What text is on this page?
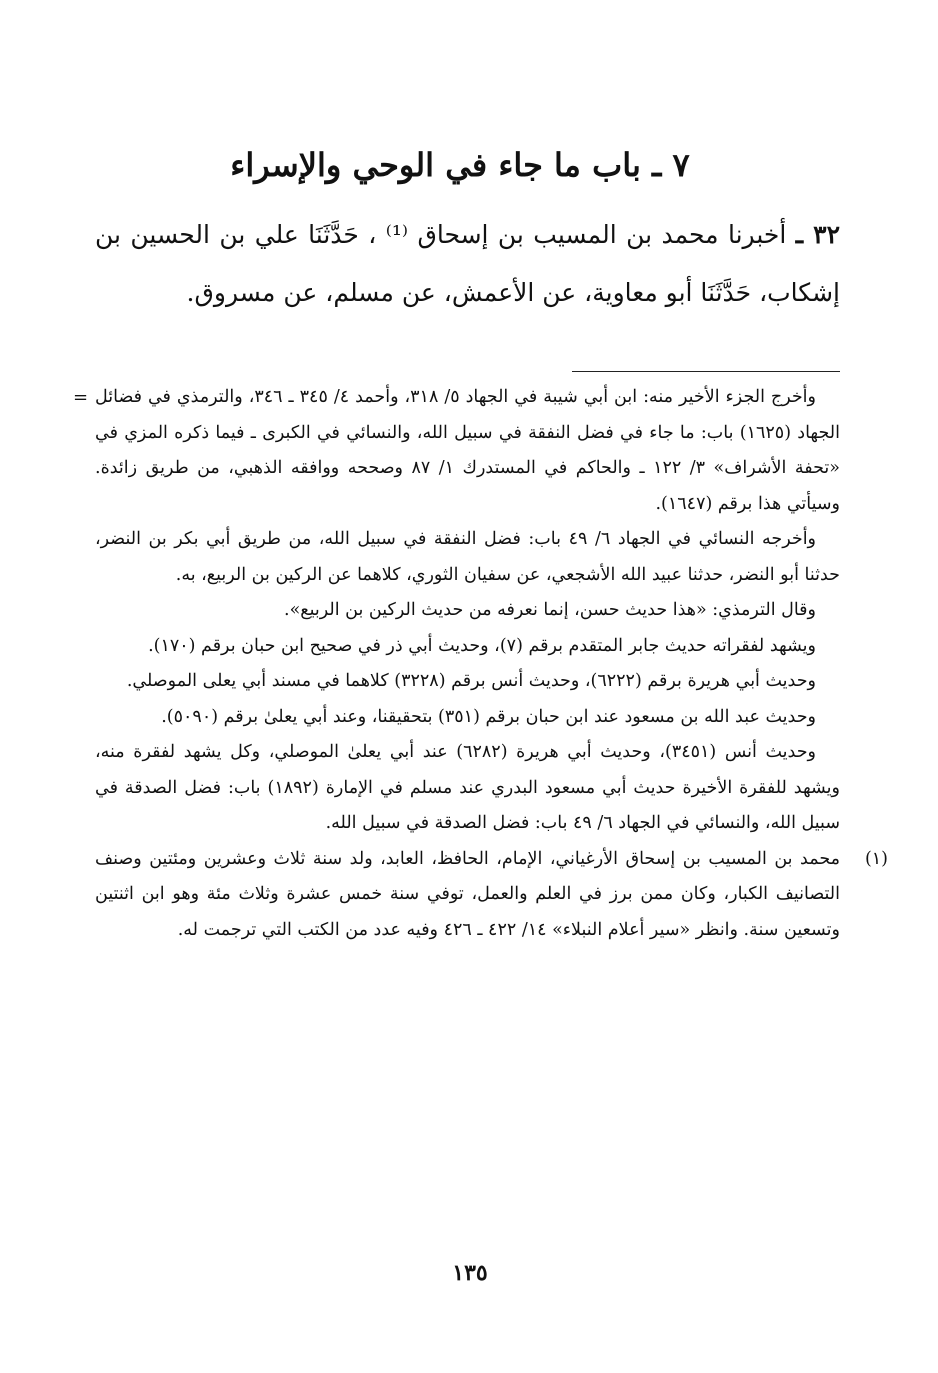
٧ ـ باب ما جاء في الوحي والإسراء
٣٢ ـ أخبرنا محمد بن المسيب بن إسحاق ⁽¹⁾ ، حَدَّثَنَا علي بن الحسين بن إشكاب، حَدَّثَنَا أبو معاوية، عن الأعمش، عن مسلم، عن مسروق.
= وأخرج الجزء الأخير منه: ابن أبي شيبة في الجهاد ٥/ ٣١٨، وأحمد ٤/ ٣٤٥ ـ ٣٤٦، والترمذي في فضائل الجهاد (١٦٢٥) باب: ما جاء في فضل النفقة في سبيل الله، والنسائي في الكبرى ـ فيما ذكره المزي في «تحفة الأشراف» ٣/ ١٢٢ ـ والحاكم في المستدرك ١/ ٨٧ وصححه ووافقه الذهبي، من طريق زائدة. وسيأتي هذا برقم (١٦٤٧).

وأخرجه النسائي في الجهاد ٦/ ٤٩ باب: فضل النفقة في سبيل الله، من طريق أبي بكر بن النضر، حدثنا أبو النضر، حدثنا عبيد الله الأشجعي، عن سفيان الثوري، كلاهما عن الركين بن الربيع، به.

وقال الترمذي: «هذا حديث حسن، إنما نعرفه من حديث الركين بن الربيع».

ويشهد لفقراته حديث جابر المتقدم برقم (٧)، وحديث أبي ذر في صحيح ابن حبان برقم (١٧٠).

وحديث أبي هريرة برقم (٦٢٢٢)، وحديث أنس برقم (٣٢٢٨) كلاهما في مسند أبي يعلى الموصلي.

وحديث عبد الله بن مسعود عند ابن حبان برقم (٣٥١) بتحقيقنا، وعند أبي يعلىٰ برقم (٥٠٩٠).

وحديث أنس (٣٤٥١)، وحديث أبي هريرة (٦٢٨٢) عند أبي يعلىٰ الموصلي، وكل يشهد لفقرة منه، ويشهد للفقرة الأخيرة حديث أبي مسعود البدري عند مسلم في الإمارة (١٨٩٢) باب: فضل الصدقة في سبيل الله، والنسائي في الجهاد ٦/ ٤٩ باب: فضل الصدقة في سبيل الله.

(١)
محمد بن المسيب بن إسحاق الأرغياني، الإمام، الحافظ، العابد، ولد سنة ثلاث وعشرين ومئتين وصنف التصانيف الكبار، وكان ممن برز في العلم والعمل، توفي سنة خمس عشرة وثلاث مئة وهو ابن اثنتين وتسعين سنة. وانظر «سير أعلام النبلاء» ١٤/ ٤٢٢ ـ ٤٢٦ وفيه عدد من الكتب التي ترجمت له.

١٣٥
